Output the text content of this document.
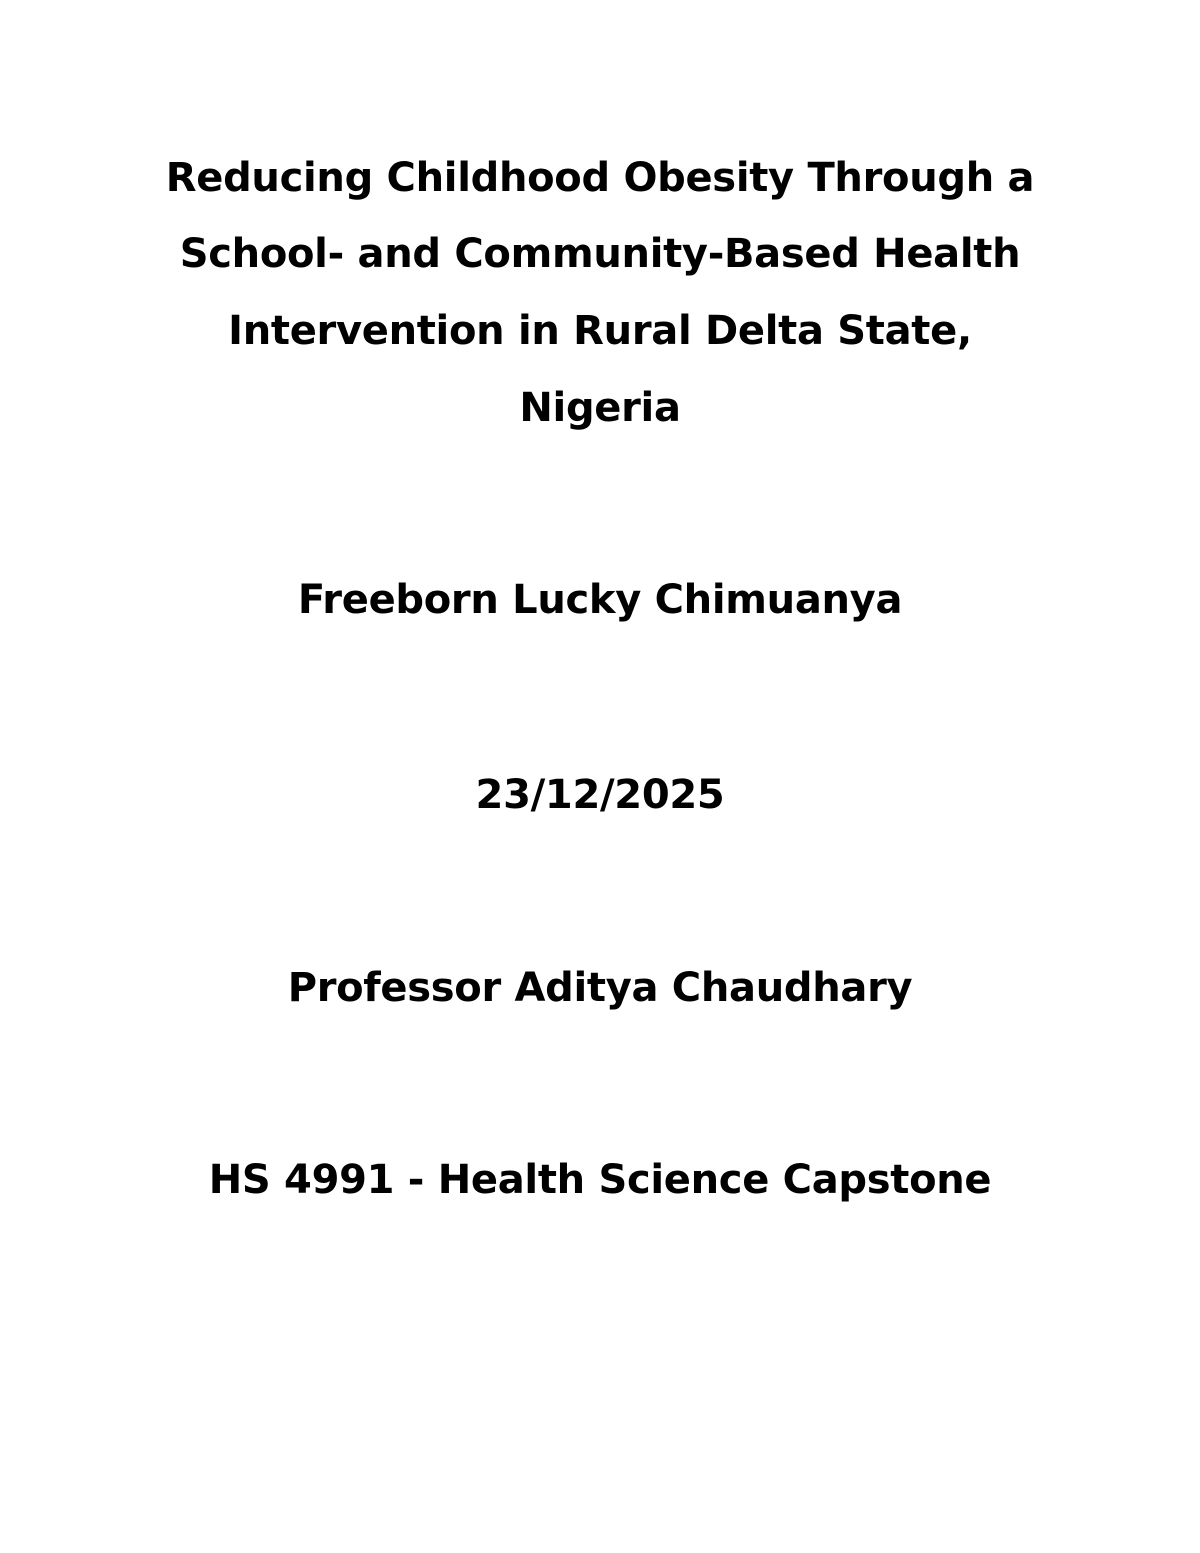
Reducing Childhood Obesity Through a
School- and Community-Based Health
Intervention in Rural Delta State,
Nigeria
Freeborn Lucky Chimuanya
23/12/2025
Professor Aditya Chaudhary
HS 4991 - Health Science Capstone
